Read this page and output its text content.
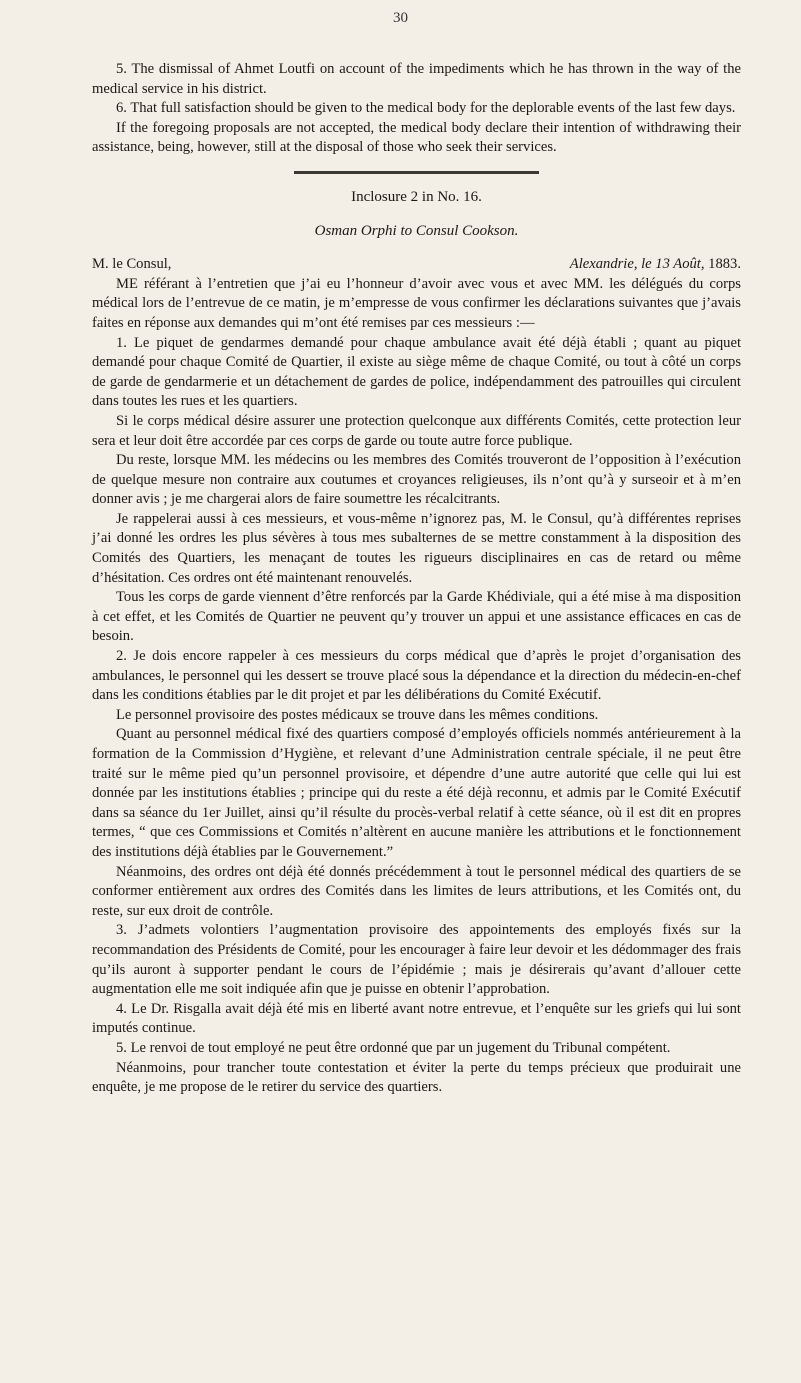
30

5. The dismissal of Ahmet Loutfi on account of the impediments which he has thrown in the way of the medical service in his district.

6. That full satisfaction should be given to the medical body for the deplorable events of the last few days.

If the foregoing proposals are not accepted, the medical body declare their intention of withdrawing their assistance, being, however, still at the disposal of those who seek their services.

Inclosure 2 in No. 16.

Osman Orphi to Consul Cookson.

M. le Consul,	Alexandrie, le 13 Août, 1883.

ME référant à l’entretien que j’ai eu l’honneur d’avoir avec vous et avec MM. les délégués du corps médical lors de l’entrevue de ce matin, je m’empresse de vous confirmer les déclarations suivantes que j’avais faites en réponse aux demandes qui m’ont été remises par ces messieurs :—

1. Le piquet de gendarmes demandé pour chaque ambulance avait été déjà établi ; quant au piquet demandé pour chaque Comité de Quartier, il existe au siège même de chaque Comité, ou tout à côté un corps de garde de gendarmerie et un détachement de gardes de police, indépendamment des patrouilles qui circulent dans toutes les rues et les quartiers.

Si le corps médical désire assurer une protection quelconque aux différents Comités, cette protection leur sera et leur doit être accordée par ces corps de garde ou toute autre force publique.

Du reste, lorsque MM. les médecins ou les membres des Comités trouveront de l’opposition à l’exécution de quelque mesure non contraire aux coutumes et croyances religieuses, ils n’ont qu’à y surseoir et à m’en donner avis ; je me chargerai alors de faire soumettre les récalcitrants.

Je rappelerai aussi à ces messieurs, et vous-même n’ignorez pas, M. le Consul, qu’à différentes reprises j’ai donné les ordres les plus sévères à tous mes subalternes de se mettre constamment à la disposition des Comités des Quartiers, les menaçant de toutes les rigueurs disciplinaires en cas de retard ou même d’hésitation. Ces ordres ont été maintenant renouvelés.

Tous les corps de garde viennent d’être renforcés par la Garde Khédiviale, qui a été mise à ma disposition à cet effet, et les Comités de Quartier ne peuvent qu’y trouver un appui et une assistance efficaces en cas de besoin.

2. Je dois encore rappeler à ces messieurs du corps médical que d’après le projet d’organisation des ambulances, le personnel qui les dessert se trouve placé sous la dépendance et la direction du médecin-en-chef dans les conditions établies par le dit projet et par les délibérations du Comité Exécutif.

Le personnel provisoire des postes médicaux se trouve dans les mêmes conditions.

Quant au personnel médical fixé des quartiers composé d’employés officiels nommés antérieurement à la formation de la Commission d’Hygiène, et relevant d’une Administration centrale spéciale, il ne peut être traité sur le même pied qu’un personnel provisoire, et dépendre d’une autre autorité que celle qui lui est donnée par les institutions établies ; principe qui du reste a été déjà reconnu, et admis par le Comité Exécutif dans sa séance du 1er Juillet, ainsi qu’il résulte du procès-verbal relatif à cette séance, où il est dit en propres termes, “ que ces Commissions et Comités n’altèrent en aucune manière les attributions et le fonctionnement des institutions déjà établies par le Gouvernement.”

Néanmoins, des ordres ont déjà été donnés précédemment à tout le personnel médical des quartiers de se conformer entièrement aux ordres des Comités dans les limites de leurs attributions, et les Comités ont, du reste, sur eux droit de contrôle.

3. J’admets volontiers l’augmentation provisoire des appointements des employés fixés sur la recommandation des Présidents de Comité, pour les encourager à faire leur devoir et les dédommager des frais qu’ils auront à supporter pendant le cours de l’épidémie ; mais je désirerais qu’avant d’allouer cette augmentation elle me soit indiquée afin que je puisse en obtenir l’approbation.

4. Le Dr. Risgalla avait déjà été mis en liberté avant notre entrevue, et l’enquête sur les griefs qui lui sont imputés continue.

5. Le renvoi de tout employé ne peut être ordonné que par un jugement du Tribunal compétent.

Néanmoins, pour trancher toute contestation et éviter la perte du temps précieux que produirait une enquête, je me propose de le retirer du service des quartiers.
